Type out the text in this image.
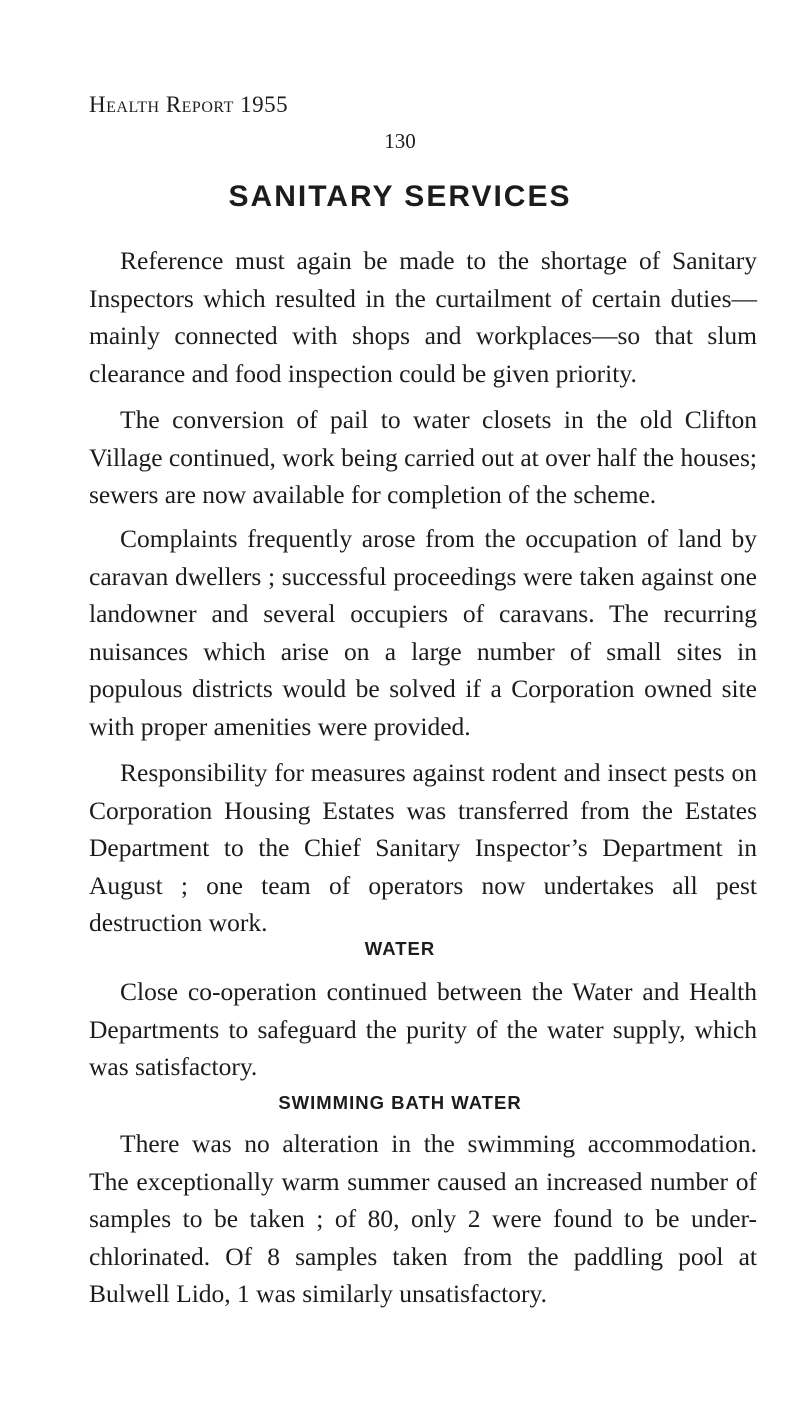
Health Report 1955
130
SANITARY SERVICES

Reference must again be made to the shortage of Sanitary Inspectors which resulted in the curtailment of certain duties—mainly connected with shops and workplaces—so that slum clearance and food inspection could be given priority.

The conversion of pail to water closets in the old Clifton Village continued, work being carried out at over half the houses; sewers are now available for completion of the scheme.

Complaints frequently arose from the occupation of land by caravan dwellers ; successful proceedings were taken against one landowner and several occupiers of caravans. The recurring nuisances which arise on a large number of small sites in populous districts would be solved if a Corporation owned site with proper amenities were provided.

Responsibility for measures against rodent and insect pests on Corporation Housing Estates was transferred from the Estates Department to the Chief Sanitary Inspector’s Department in August ; one team of operators now undertakes all pest destruction work.

WATER

Close co-operation continued between the Water and Health Departments to safeguard the purity of the water supply, which was satisfactory.

SWIMMING BATH WATER

There was no alteration in the swimming accommodation. The exceptionally warm summer caused an increased number of samples to be taken ; of 80, only 2 were found to be under-chlorinated. Of 8 samples taken from the paddling pool at Bulwell Lido, 1 was similarly unsatisfactory.
